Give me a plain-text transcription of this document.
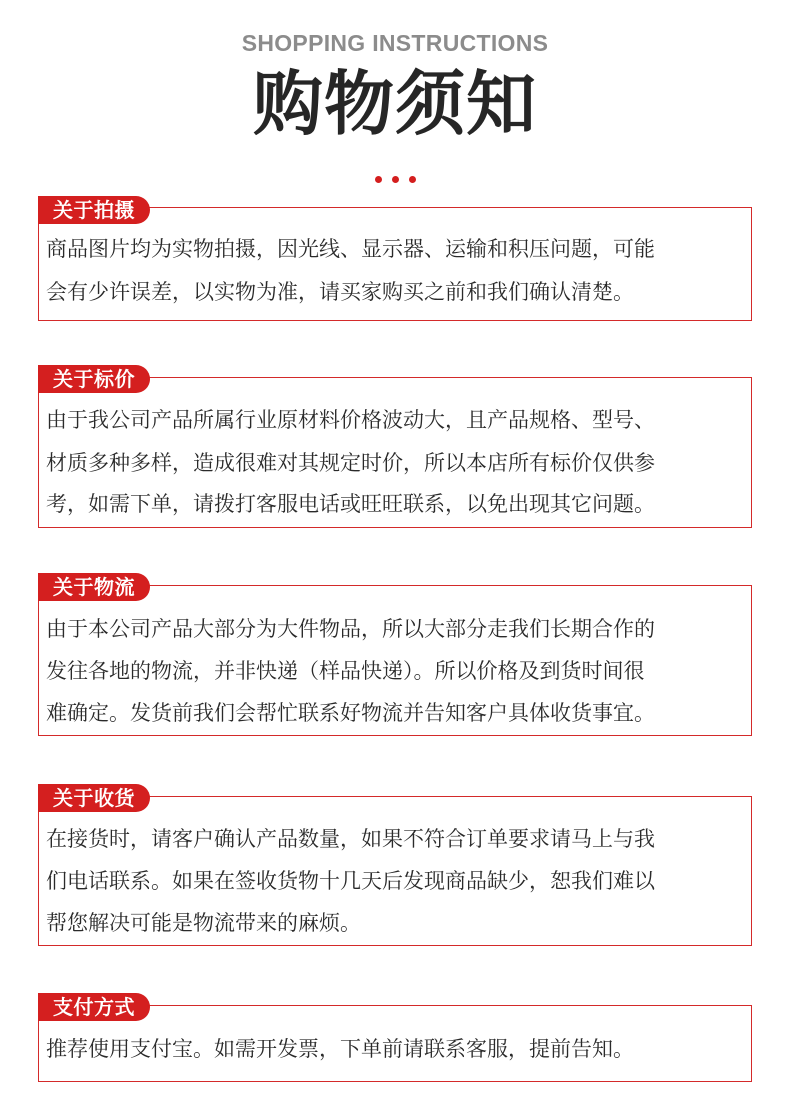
SHOPPING INSTRUCTIONS
购物须知
关于拍摄
商品图片均为实物拍摄，因光线、显示器、运输和积压问题，可能
会有少许误差，以实物为准，请买家购买之前和我们确认清楚。
关于标价
由于我公司产品所属行业原材料价格波动大，且产品规格、型号、
材质多种多样，造成很难对其规定时价，所以本店所有标价仅供参
考，如需下单，请拨打客服电话或旺旺联系，以免出现其它问题。
关于物流
由于本公司产品大部分为大件物品，所以大部分走我们长期合作的
发往各地的物流，并非快递（样品快递）。所以价格及到货时间很
难确定。发货前我们会帮忙联系好物流并告知客户具体收货事宜。
关于收货
在接货时，请客户确认产品数量，如果不符合订单要求请马上与我
们电话联系。如果在签收货物十几天后发现商品缺少，恕我们难以
帮您解决可能是物流带来的麻烦。
支付方式
推荐使用支付宝。如需开发票，下单前请联系客服，提前告知。
